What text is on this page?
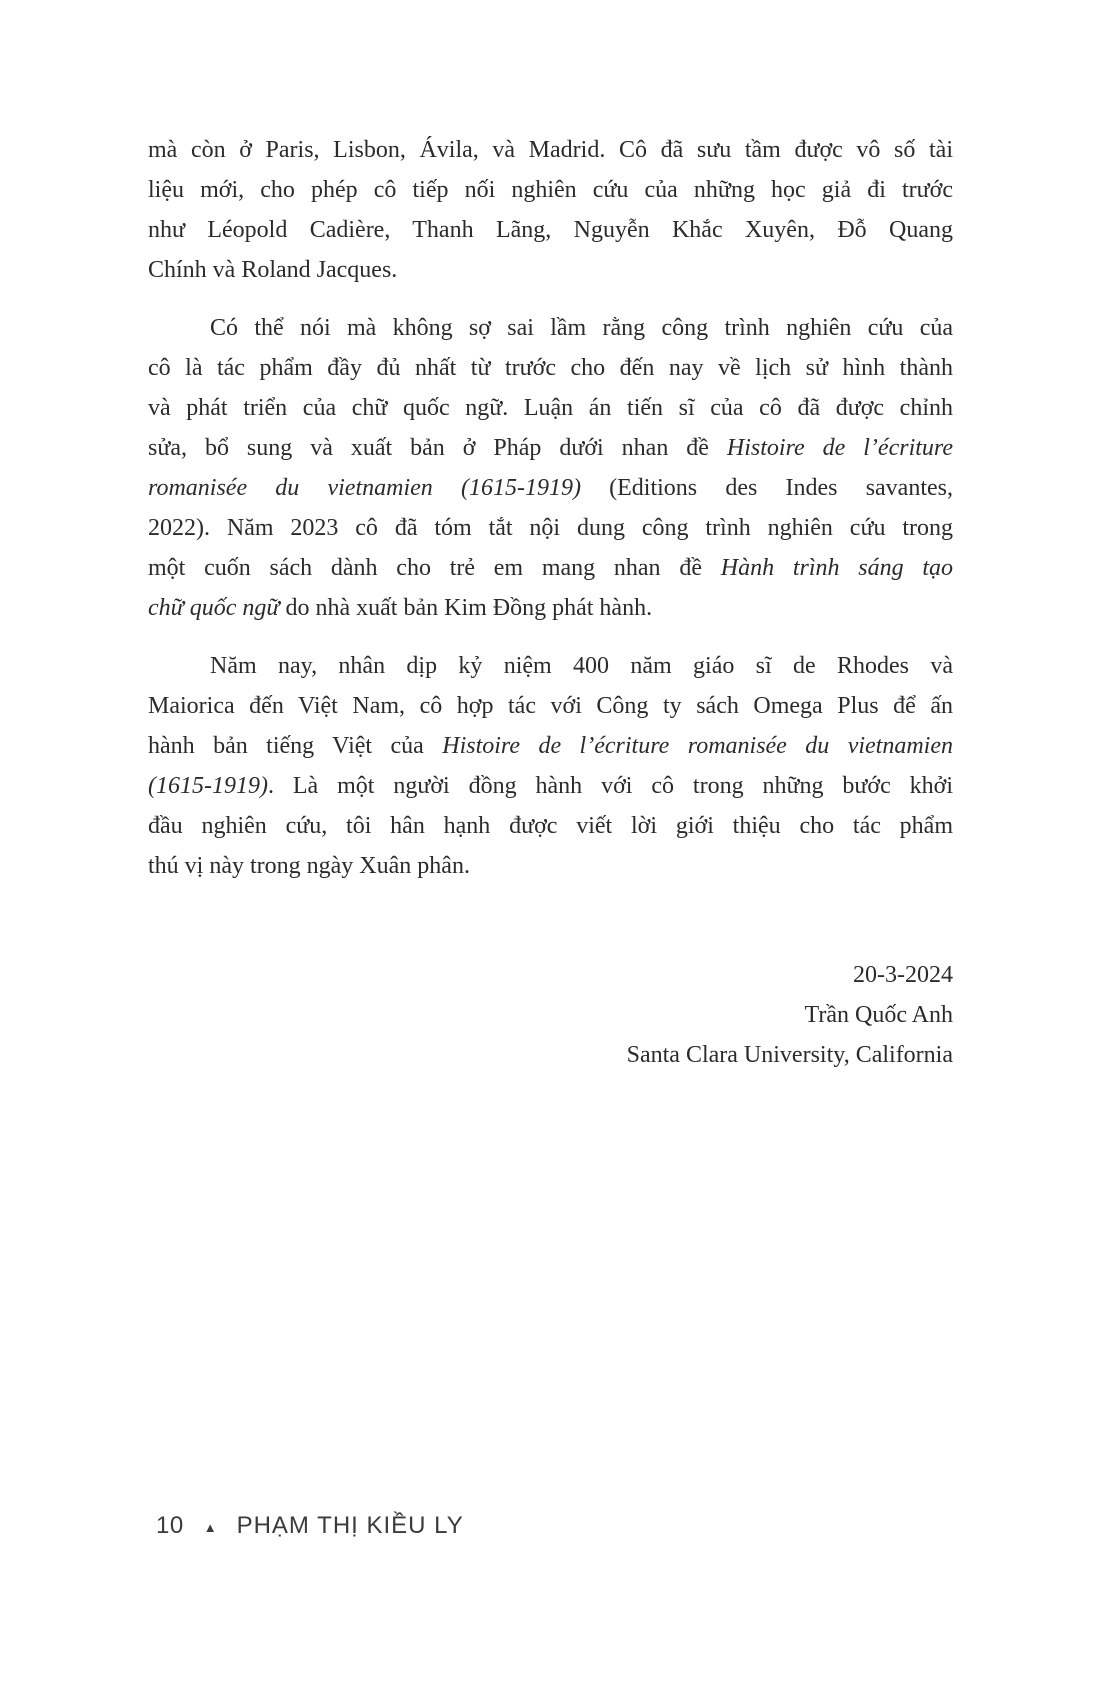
mà còn ở Paris, Lisbon, Ávila, và Madrid. Cô đã sưu tầm được vô số tài
liệu mới, cho phép cô tiếp nối nghiên cứu của những học giả đi trước
như Léopold Cadière, Thanh Lãng, Nguyễn Khắc Xuyên, Đỗ Quang
Chính và Roland Jacques.
Có thể nói mà không sợ sai lầm rằng công trình nghiên cứu của
cô là tác phẩm đầy đủ nhất từ trước cho đến nay về lịch sử hình thành
và phát triển của chữ quốc ngữ. Luận án tiến sĩ của cô đã được chỉnh
sửa, bổ sung và xuất bản ở Pháp dưới nhan đề Histoire de l’écriture
romanisée du vietnamien (1615-1919) (Editions des Indes savantes,
2022). Năm 2023 cô đã tóm tắt nội dung công trình nghiên cứu trong
một cuốn sách dành cho trẻ em mang nhan đề Hành trình sáng tạo
chữ quốc ngữ do nhà xuất bản Kim Đồng phát hành.
Năm nay, nhân dịp kỷ niệm 400 năm giáo sĩ de Rhodes và
Maiorica đến Việt Nam, cô hợp tác với Công ty sách Omega Plus để ấn
hành bản tiếng Việt của Histoire de l’écriture romanisée du vietnamien
(1615-1919). Là một người đồng hành với cô trong những bước khởi
đầu nghiên cứu, tôi hân hạnh được viết lời giới thiệu cho tác phẩm
thú vị này trong ngày Xuân phân.
20-3-2024
Trần Quốc Anh
Santa Clara University, California
10 ▲ PHẠM THỊ KIỀU LY
